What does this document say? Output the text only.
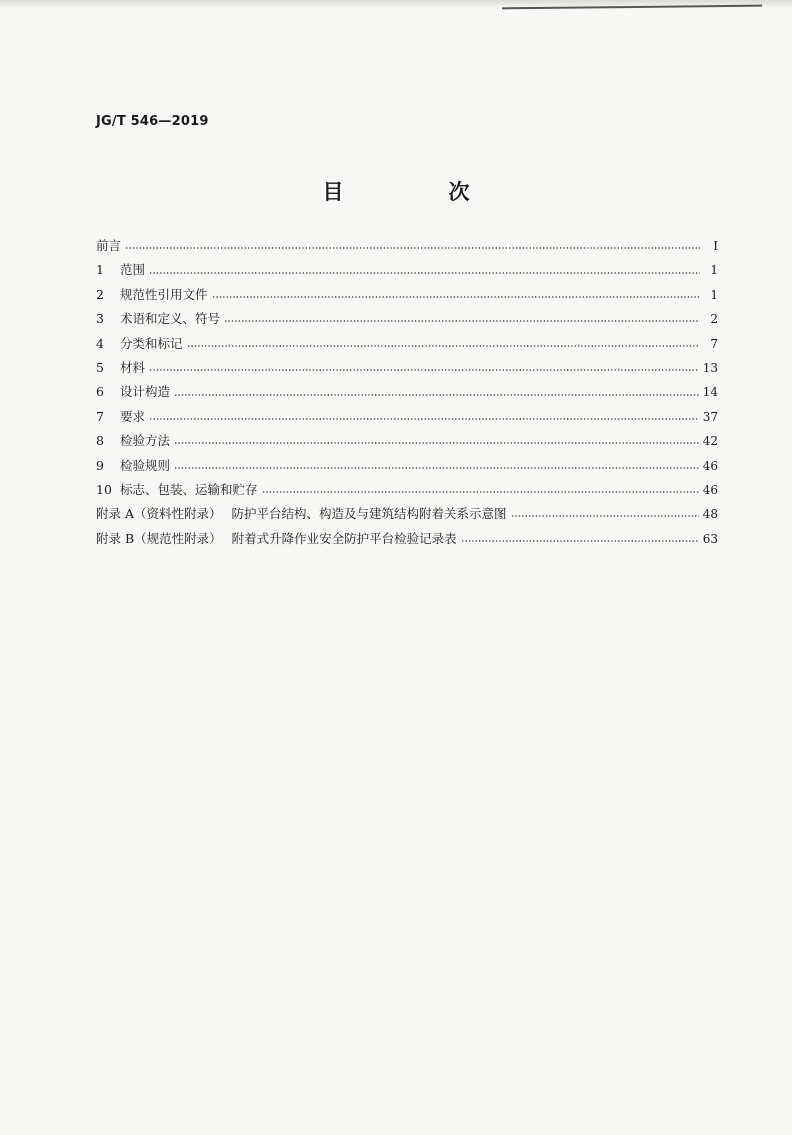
JG/T 546—2019
目　次
前言	Ⅰ
1	范围	1
2	规范性引用文件	1
3	术语和定义、符号	2
4	分类和标记	7
5	材料	13
6	设计构造	14
7	要求	37
8	检验方法	42
9	检验规则	46
10 标志、包装、运输和贮存	46
附录 A（资料性附录） 防护平台结构、构造及与建筑结构附着关系示意图	48
附录 B（规范性附录） 附着式升降作业安全防护平台检验记录表	63
